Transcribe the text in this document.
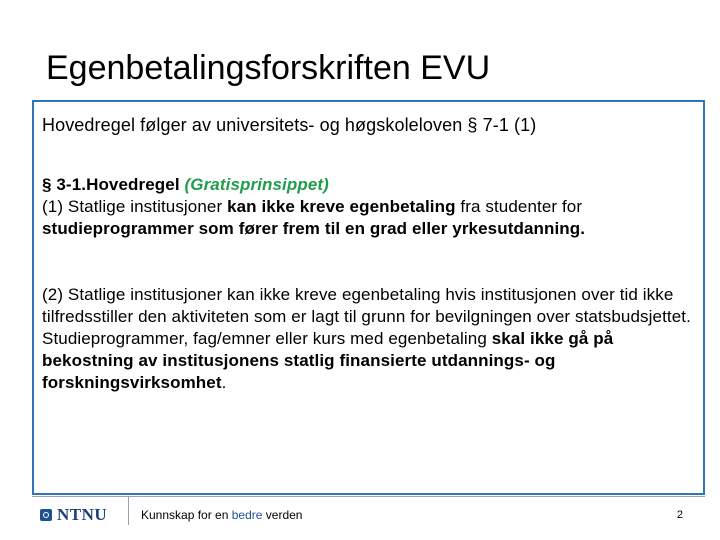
Egenbetalingsforskriften EVU

Hovedregel følger av universitets- og høgskoleloven § 7-1 (1)

§ 3-1.Hovedregel (Gratisprinsippet)
(1) Statlige institusjoner kan ikke kreve egenbetaling fra studenter for studieprogrammer som fører frem til en grad eller yrkesutdanning.

(2) Statlige institusjoner kan ikke kreve egenbetaling hvis institusjonen over tid ikke tilfredsstiller den aktiviteten som er lagt til grunn for bevilgningen over statsbudsjettet. Studieprogrammer, fag/emner eller kurs med egenbetaling skal ikke gå på bekostning av institusjonens statlig finansierte utdannings- og forskningsvirksomhet.

NTNU	Kunnskap for en bedre verden	2
